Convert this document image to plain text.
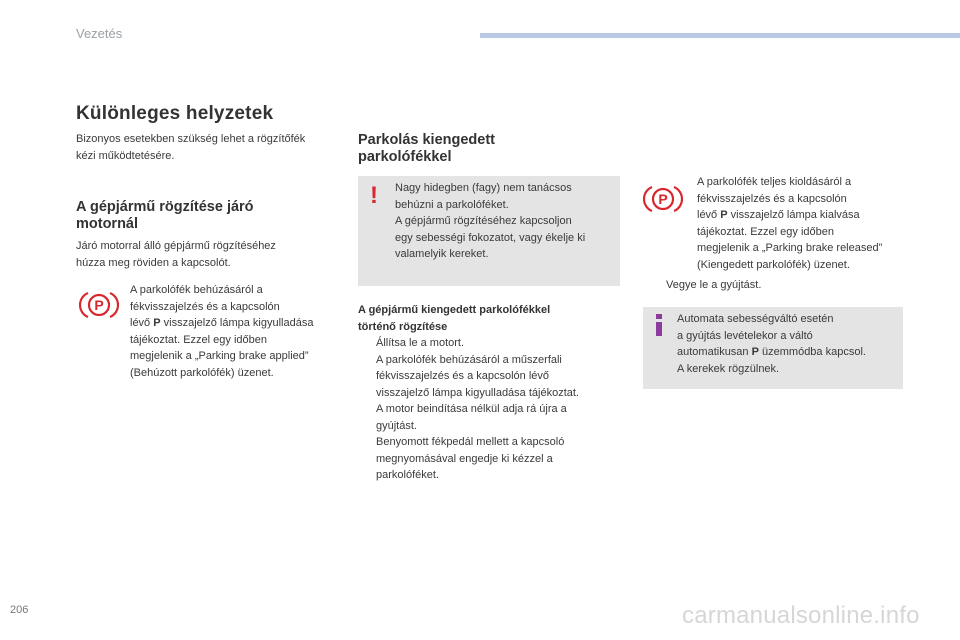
Vezetés
Különleges helyzetek
Bizonyos esetekben szükség lehet a rögzítőfék
kézi működtetésére.
A gépjármű rögzítése járó
motornál
Járó motorral álló gépjármű rögzítéséhez
húzza meg röviden a kapcsolót.
P
A parkolófék behúzásáról a
fékvisszajelzés és a kapcsolón
lévő P visszajelző lámpa kigyulladása
tájékoztat. Ezzel egy időben
megjelenik a „Parking brake applied”
(Behúzott parkolófék) üzenet.
Parkolás kiengedett
parkolófékkel
! Nagy hidegben (fagy) nem tanácsos
behúzni a parkolóféket.
A gépjármű rögzítéséhez kapcsoljon
egy sebességi fokozatot, vagy ékelje ki
valamelyik kereket.
A gépjármű kiengedett parkolófékkel
történő rögzítése
Állítsa le a motort.
A parkolófék behúzásáról a műszerfali
fékvisszajelzés és a kapcsolón lévő
visszajelző lámpa kigyulladása tájékoztat.
A motor beindítása nélkül adja rá újra a
gyújtást.
Benyomott fékpedál mellett a kapcsoló
megnyomásával engedje ki kézzel a
parkolóféket.
P
A parkolófék teljes kioldásáról a
fékvisszajelzés és a kapcsolón
lévő P visszajelző lámpa kialvása
tájékoztat. Ezzel egy időben
megjelenik a „Parking brake released”
(Kiengedett parkolófék) üzenet.
Vegye le a gyújtást.
Automata sebességváltó esetén
a gyújtás levételekor a váltó
automatikusan P üzemmódba kapcsol.
A kerekek rögzülnek.
206	carmanualsonline.info
